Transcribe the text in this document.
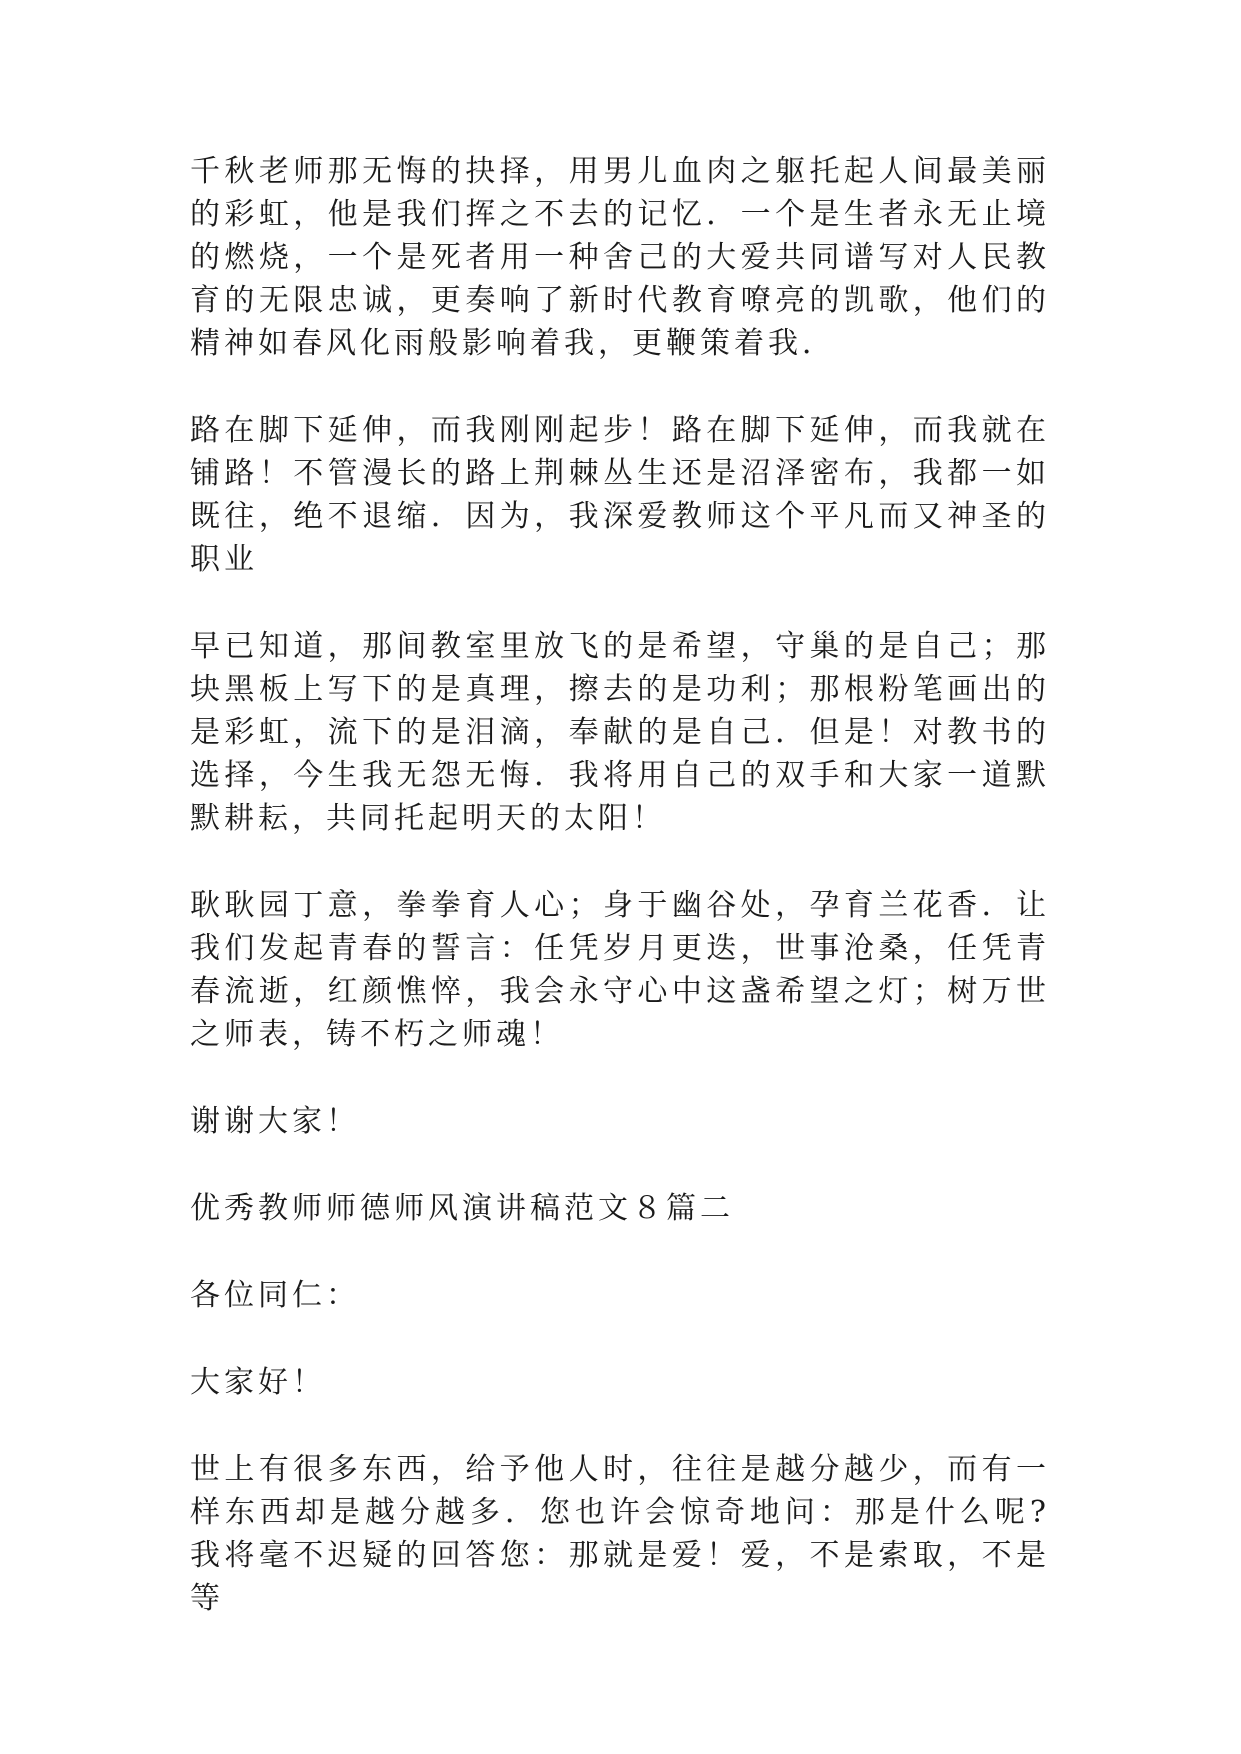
千秋老师那无悔的抉择，用男儿血肉之躯托起人间最美丽的彩虹，他是我们挥之不去的记忆．一个是生者永无止境的燃烧，一个是死者用一种舍己的大爱共同谱写对人民教育的无限忠诚，更奏响了新时代教育嘹亮的凯歌，他们的精神如春风化雨般影响着我，更鞭策着我．

路在脚下延伸，而我刚刚起步！路在脚下延伸，而我就在铺路！不管漫长的路上荆棘丛生还是沼泽密布，我都一如既往，绝不退缩．因为，我深爱教师这个平凡而又神圣的职业

早已知道，那间教室里放飞的是希望，守巢的是自己；那块黑板上写下的是真理，擦去的是功利；那根粉笔画出的是彩虹，流下的是泪滴，奉献的是自己．但是！对教书的选择，今生我无怨无悔．我将用自己的双手和大家一道默默耕耘，共同托起明天的太阳！

耿耿园丁意，拳拳育人心；身于幽谷处，孕育兰花香．让我们发起青春的誓言：任凭岁月更迭，世事沧桑，任凭青春流逝，红颜憔悴，我会永守心中这盏希望之灯；树万世之师表，铸不朽之师魂！

谢谢大家！

优秀教师师德师风演讲稿范文８篇二

各位同仁：

大家好！

世上有很多东西，给予他人时，往往是越分越少，而有一样东西却是越分越多．您也许会惊奇地问：那是什么呢?我将毫不迟疑的回答您：那就是爱！爱，不是索取，不是等
